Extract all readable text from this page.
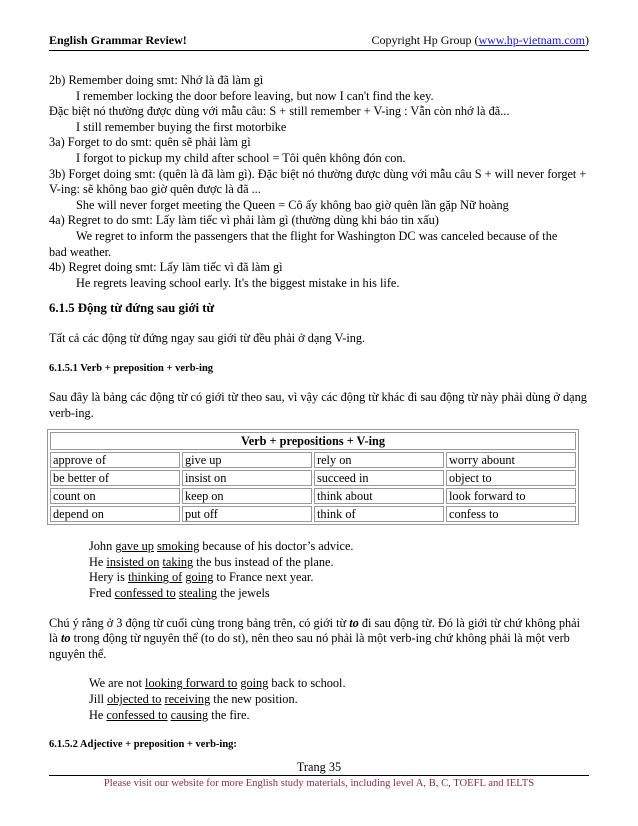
English Grammar Review!	Copyright Hp Group (www.hp-vietnam.com)
2b) Remember doing smt: Nhớ là đã làm gì
I remember locking the door before leaving, but now I can't find the key.
Đặc biệt nó thường được dùng với mẫu câu: S + still remember + V-ing : Vẫn còn nhớ là đã...
I still remember buying the first motorbike
3a) Forget to do smt: quên sẽ phải làm gì
I forgot to pickup my child after school = Tôi quên không đón con.
3b) Forget doing smt: (quên là đã làm gì). Đặc biệt nó thường được dùng với mẫu câu S + will never forget + V-ing: sẽ không bao giờ quên được là đã ...
She will never forget meeting the Queen = Cô ấy không bao giờ quên lần gặp Nữ hoàng
4a) Regret to do smt: Lấy làm tiếc vì phải làm gì (thường dùng khi báo tin xấu)
We regret to inform the passengers that the flight for Washington DC was canceled because of the
bad weather.
4b) Regret doing smt: Lấy làm tiếc vì đã làm gì
He regrets leaving school early. It's the biggest mistake in his life.
6.1.5 Động từ đứng sau giới từ
Tất cả các động từ đứng ngay sau giới từ đều phải ở dạng V-ing.
6.1.5.1 Verb + preposition + verb-ing
Sau đây là bảng các động từ có giới từ theo sau, vì vậy các động từ khác đi sau động từ này phải dùng ở dạng verb-ing.
Verb + prepositions + V-ing			
approve of	give up	rely on	worry abount
be better of	insist on	succeed in	object to
count on	keep on	think about	look forward to
depend on	put off	think of	confess to
John gave up smoking because of his doctor’s advice.
He insisted on taking the bus instead of the plane.
Hery is thinking of going to France next year.
Fred confessed to stealing the jewels
Chú ý rằng ở 3 động từ cuối cùng trong bảng trên, có giới từ to đi sau động từ. Đó là giới từ chứ không phải là to trong động từ nguyên thể (to do st), nên theo sau nó phải là một verb-ing chứ không phải là một verb nguyên thể.
We are not looking forward to going back to school.
Jill objected to receiving the new position.
He confessed to causing the fire.
6.1.5.2 Adjective + preposition + verb-ing:
Trang 35
Please visit our website for more English study materials, including level A, B, C, TOEFL and IELTS
